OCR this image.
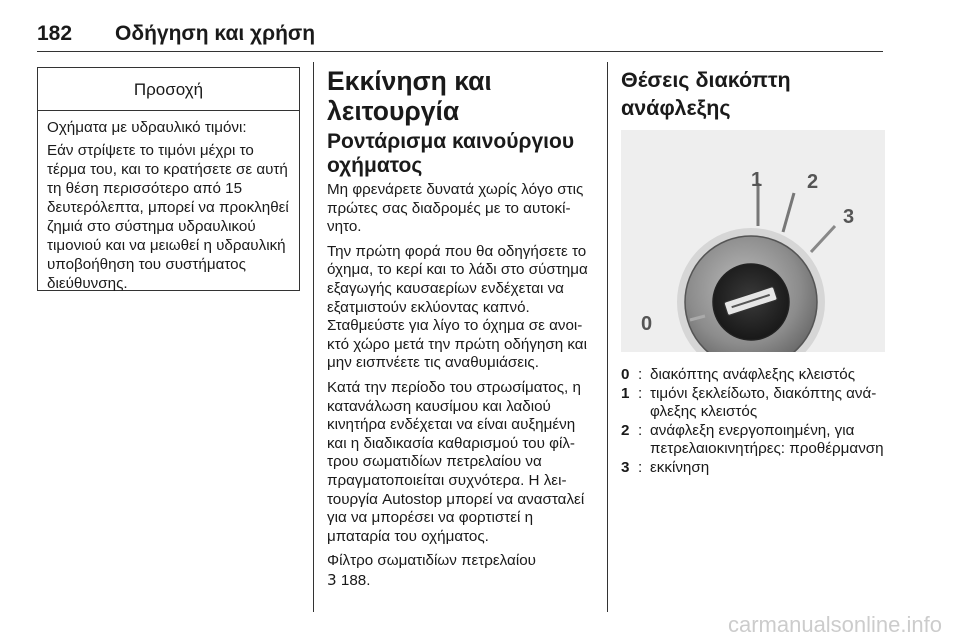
182 Οδήγηση και χρήση
Προσοχή

Οχήματα με υδραυλικό τιμόνι:

Εάν στρίψετε το τιμόνι μέχρι το τέρμα του, και το κρατήσετε σε αυτή τη θέση περισσότερο από 15 δευτερόλεπτα, μπορεί να προκληθεί ζημιά στο σύστημα υδραυλικού τιμονιού και να μειωθεί η υδραυλική υποβοήθηση του συστήματος διεύθυνσης.

Εκκίνηση και λειτουργία
Ροντάρισμα καινούργιου οχήματος

Μη φρενάρετε δυνατά χωρίς λόγο στις πρώτες σας διαδρομές με το αυτοκίνητο.

Την πρώτη φορά που θα οδηγήσετε το όχημα, το κερί και το λάδι στο σύστημα εξαγωγής καυσαερίων ενδέχεται να εξατμιστούν εκλύοντας καπνό. Σταθμεύστε για λίγο το όχημα σε ανοικτό χώρο μετά την πρώτη οδήγηση και μην εισπνέετε τις αναθυμιάσεις.

Κατά την περίοδο του στρωσίματος, η κατανάλωση καυσίμου και λαδιού κινητήρα ενδέχεται να είναι αυξημένη και η διαδικασία καθαρισμού του φίλτρου σωματιδίων πετρελαίου να πραγματοποιείται συχνότερα. Η λειτουργία Autostop μπορεί να ανασταλεί για να μπορέσει να φορτιστεί η μπαταρία του οχήματος.

Φίλτρο σωματιδίων πετρελαίου
3 188.

Θέσεις διακόπτη ανάφλεξης
0
1 2
3
0 : διακόπτης ανάφλεξης κλειστός
1 : τιμόνι ξεκλείδωτο, διακόπτης ανάφλεξης κλειστός
2 : ανάφλεξη ενεργοποιημένη, για πετρελαιοκινητήρες: προθέρμανση
3 : εκκίνηση
carmanualsonline.info
